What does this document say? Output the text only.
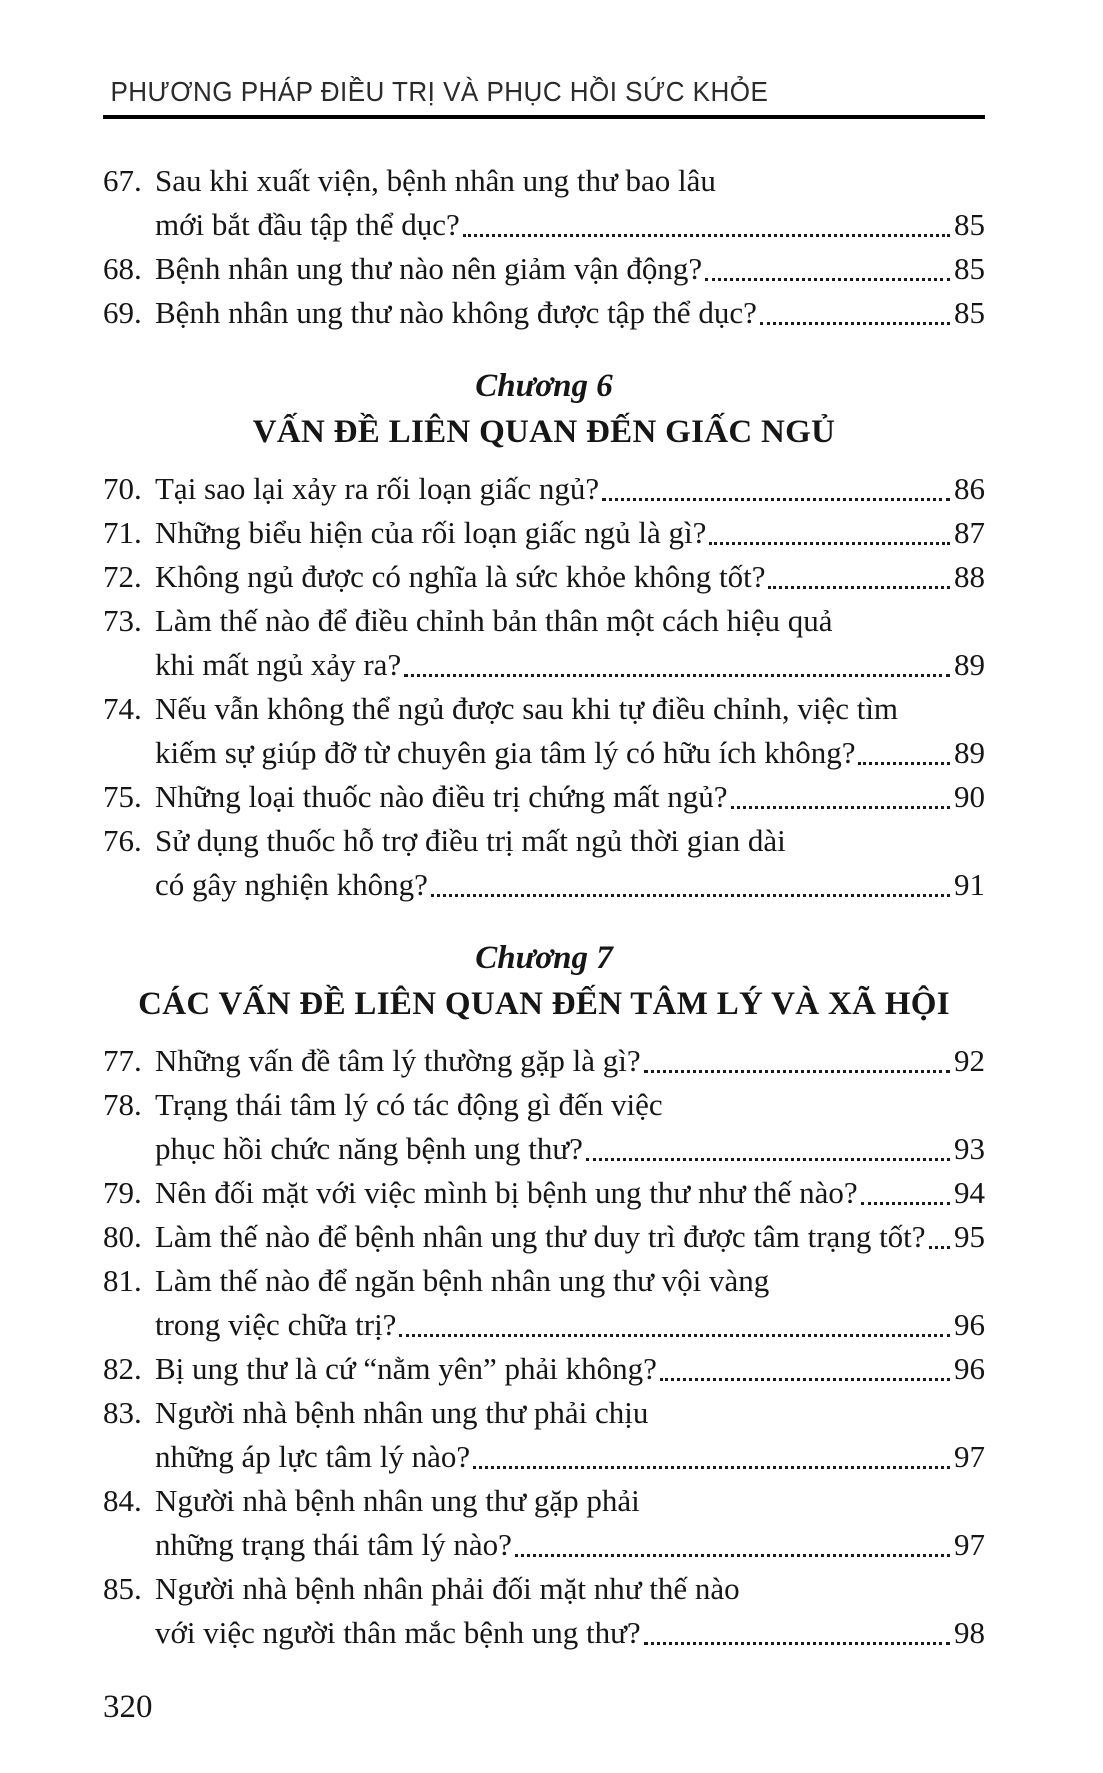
PHƯƠNG PHÁP ĐIỀU TRỊ VÀ PHỤC HỒI SỨC KHỎE
67. Sau khi xuất viện, bệnh nhân ung thư bao lâu
mới bắt đầu tập thể dục?	85
68. Bệnh nhân ung thư nào nên giảm vận động?	85
69. Bệnh nhân ung thư nào không được tập thể dục?	85
Chương 6
VẤN ĐỀ LIÊN QUAN ĐẾN GIẤC NGỦ
70. Tại sao lại xảy ra rối loạn giấc ngủ?	86
71. Những biểu hiện của rối loạn giấc ngủ là gì?	87
72. Không ngủ được có nghĩa là sức khỏe không tốt?	88
73. Làm thế nào để điều chỉnh bản thân một cách hiệu quả
khi mất ngủ xảy ra?	89
74. Nếu vẫn không thể ngủ được sau khi tự điều chỉnh, việc tìm
kiếm sự giúp đỡ từ chuyên gia tâm lý có hữu ích không?	89
75. Những loại thuốc nào điều trị chứng mất ngủ?	90
76. Sử dụng thuốc hỗ trợ điều trị mất ngủ thời gian dài
có gây nghiện không?	91
Chương 7
CÁC VẤN ĐỀ LIÊN QUAN ĐẾN TÂM LÝ VÀ XÃ HỘI
77. Những vấn đề tâm lý thường gặp là gì?	92
78. Trạng thái tâm lý có tác động gì đến việc
phục hồi chức năng bệnh ung thư?	93
79. Nên đối mặt với việc mình bị bệnh ung thư như thế nào?	94
80. Làm thế nào để bệnh nhân ung thư duy trì được tâm trạng tốt? 95
81. Làm thế nào để ngăn bệnh nhân ung thư vội vàng
trong việc chữa trị?	96
82. Bị ung thư là cứ “nằm yên” phải không?	96
83. Người nhà bệnh nhân ung thư phải chịu
những áp lực tâm lý nào?	97
84. Người nhà bệnh nhân ung thư gặp phải
những trạng thái tâm lý nào?	97
85. Người nhà bệnh nhân phải đối mặt như thế nào
với việc người thân mắc bệnh ung thư?	98
320
